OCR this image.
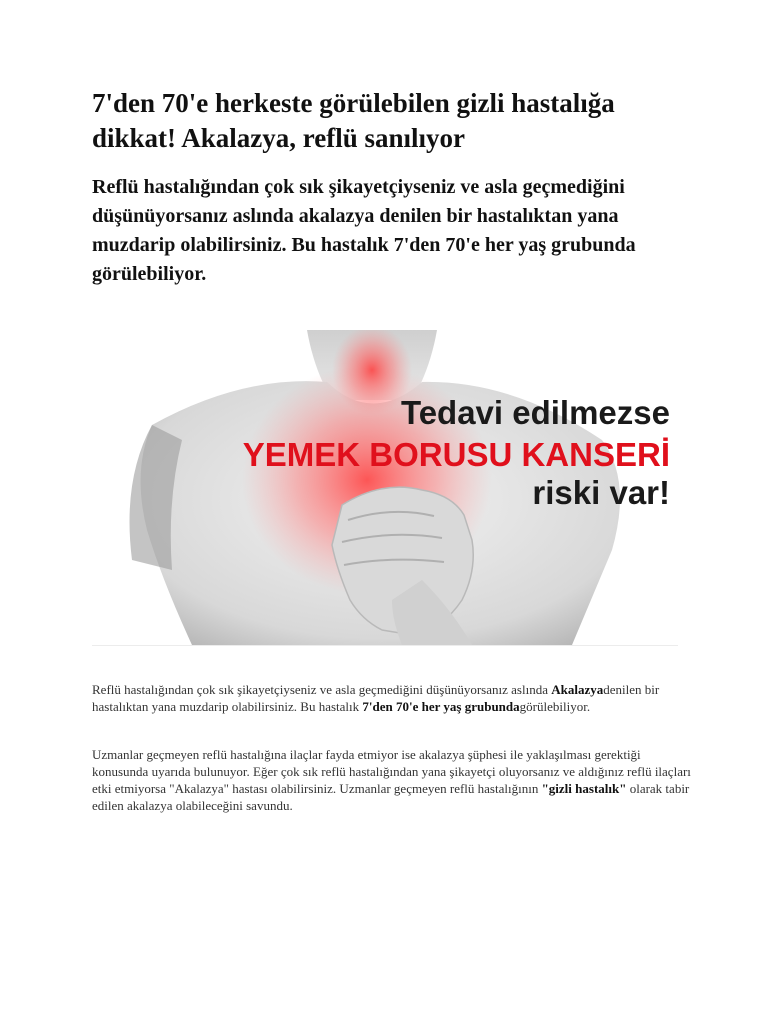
7'den 70'e herkeste görülebilen gizli hastalığa dikkat! Akalazya, reflü sanılıyor

Reflü hastalığından çok sık şikayetçiyseniz ve asla geçmediğini düşünüyorsanız aslında akalazya denilen bir hastalıktan yana muzdarip olabilirsiniz. Bu hastalık 7'den 70'e her yaş grubunda görülebiliyor.

Tedavi edilmezse
YEMEK BORUSU KANSERİ
riski var!

Reflü hastalığından çok sık şikayetçiyseniz ve asla geçmediğini düşünüyorsanız aslında Akalazyadenilen bir hastalıktan yana muzdarip olabilirsiniz. Bu hastalık 7'den 70'e her yaş grubundagörülebiliyor.

Uzmanlar geçmeyen reflü hastalığına ilaçlar fayda etmiyor ise akalazya şüphesi ile yaklaşılması gerektiği konusunda uyarıda bulunuyor. Eğer çok sık reflü hastalığından yana şikayetçi oluyorsanız ve aldığınız reflü ilaçları etki etmiyorsa "Akalazya" hastası olabilirsiniz. Uzmanlar geçmeyen reflü hastalığının "gizli hastalık" olarak tabir edilen akalazya olabileceğini savundu.
